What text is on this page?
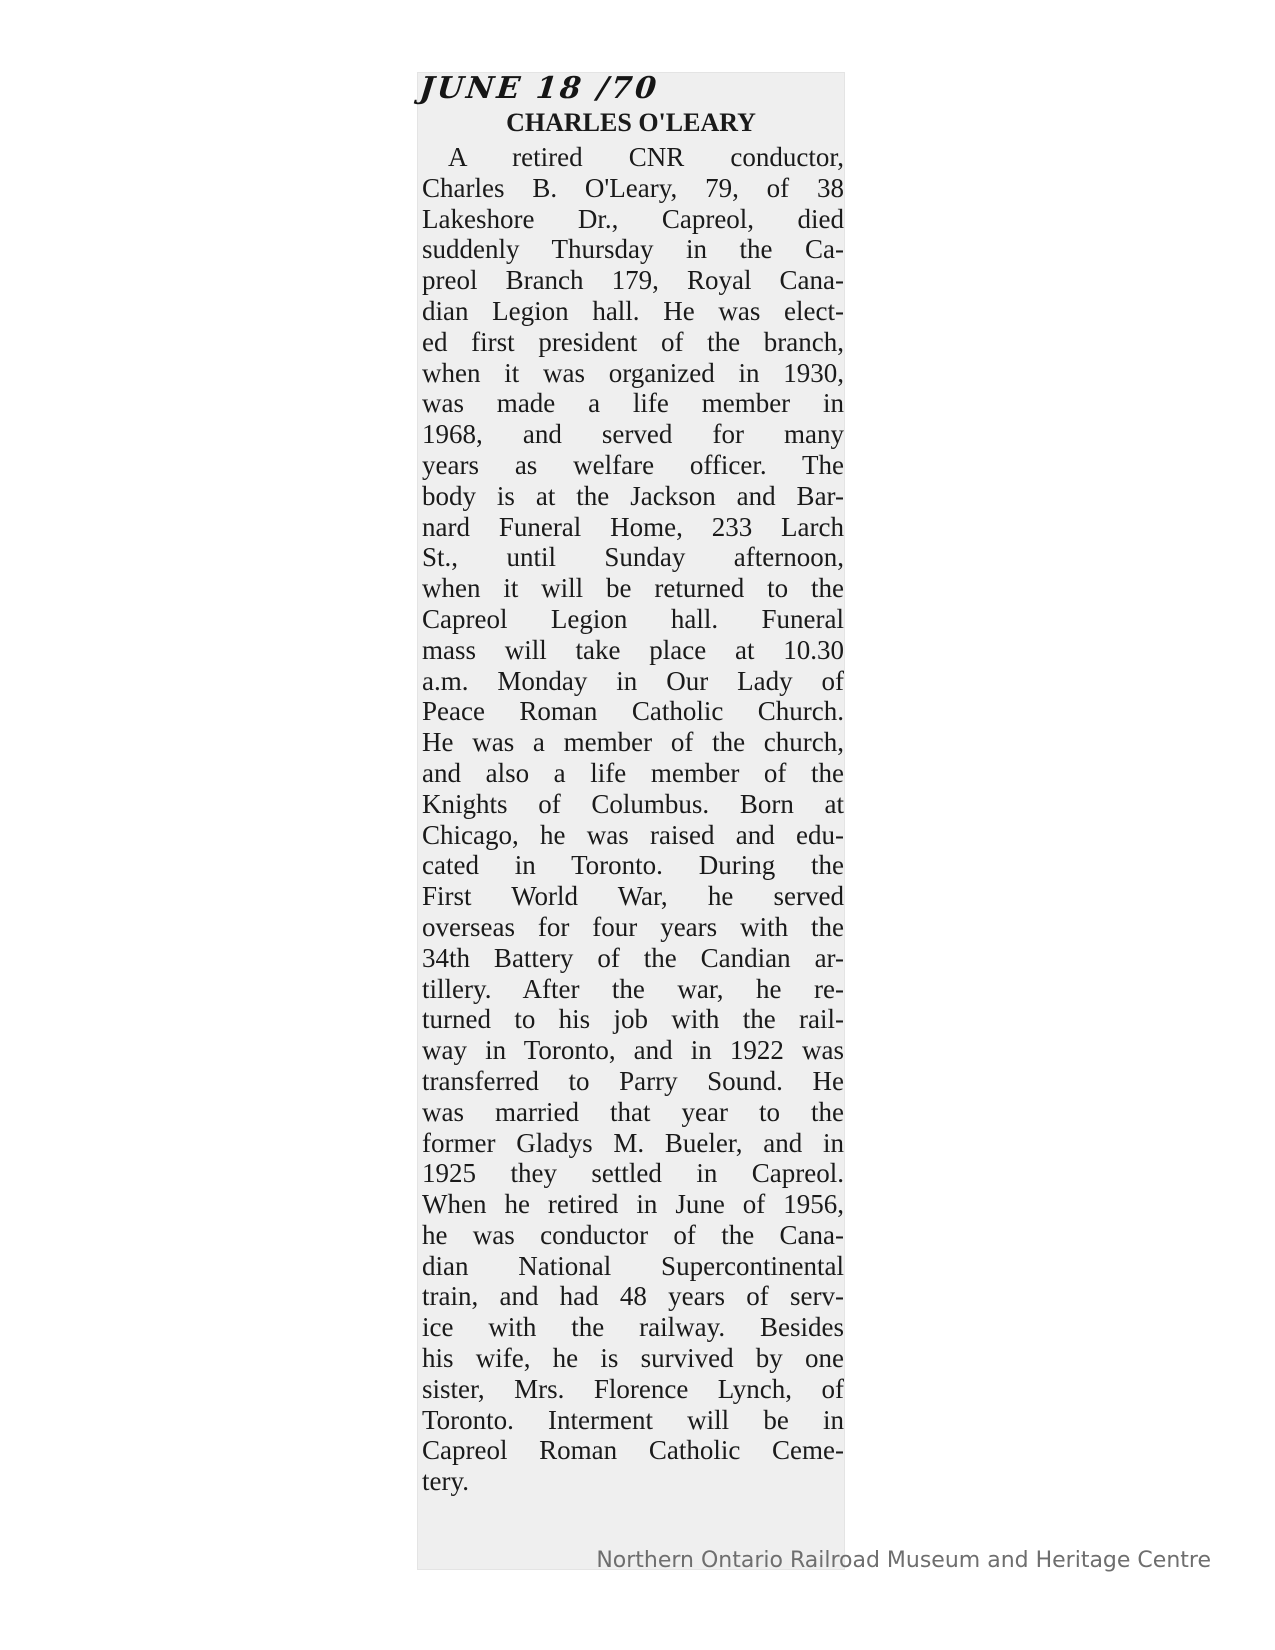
JUNE 18 /70
CHARLES O'LEARY
A retired CNR conductor,
Charles B. O'Leary, 79, of 38
Lakeshore Dr., Capreol, died
suddenly Thursday in the Ca-
preol Branch 179, Royal Cana-
dian Legion hall. He was elect-
ed first president of the branch,
when it was organized in 1930,
was made a life member in
1968, and served for many
years as welfare officer. The
body is at the Jackson and Bar-
nard Funeral Home, 233 Larch
St., until Sunday afternoon,
when it will be returned to the
Capreol Legion hall. Funeral
mass will take place at 10.30
a.m. Monday in Our Lady of
Peace Roman Catholic Church.
He was a member of the church,
and also a life member of the
Knights of Columbus. Born at
Chicago, he was raised and edu-
cated in Toronto. During the
First World War, he served
overseas for four years with the
34th Battery of the Candian ar-
tillery. After the war, he re-
turned to his job with the rail-
way in Toronto, and in 1922 was
transferred to Parry Sound. He
was married that year to the
former Gladys M. Bueler, and in
1925 they settled in Capreol.
When he retired in June of 1956,
he was conductor of the Cana-
dian National Supercontinental
train, and had 48 years of serv-
ice with the railway. Besides
his wife, he is survived by one
sister, Mrs. Florence Lynch, of
Toronto. Interment will be in
Capreol Roman Catholic Ceme-
tery.
Northern Ontario Railroad Museum and Heritage Centre
